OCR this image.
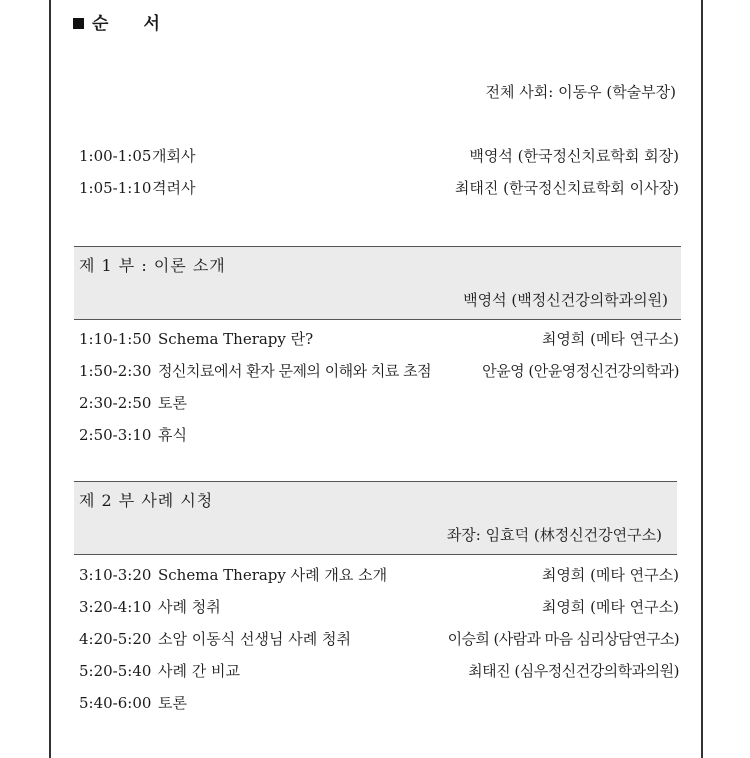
순 서
전체 사회: 이동우 (학술부장)
1:00-1:05 개회사	백영석 (한국정신치료학회 회장)
1:05-1:10 격려사	최태진 (한국정신치료학회 이사장)
제 1 부 : 이론 소개
백영석 (백정신건강의학과의원)
1:10-1:50 Schema Therapy 란?	최영희 (메타 연구소)
1:50-2:30 정신치료에서 환자 문제의 이해와 치료 초점	안윤영 (안윤영정신건강의학과)
2:30-2:50 토론
2:50-3:10 휴식
제 2 부 사례 시청
좌장: 임효덕 (林정신건강연구소)
3:10-3:20 Schema Therapy 사례 개요 소개	최영희 (메타 연구소)
3:20-4:10 사례 청취	최영희 (메타 연구소)
4:20-5:20 소암 이동식 선생님 사례 청취	이승희 (사람과 마음 심리상담연구소)
5:20-5:40 사례 간 비교	최태진 (심우정신건강의학과의원)
5:40-6:00 토론
